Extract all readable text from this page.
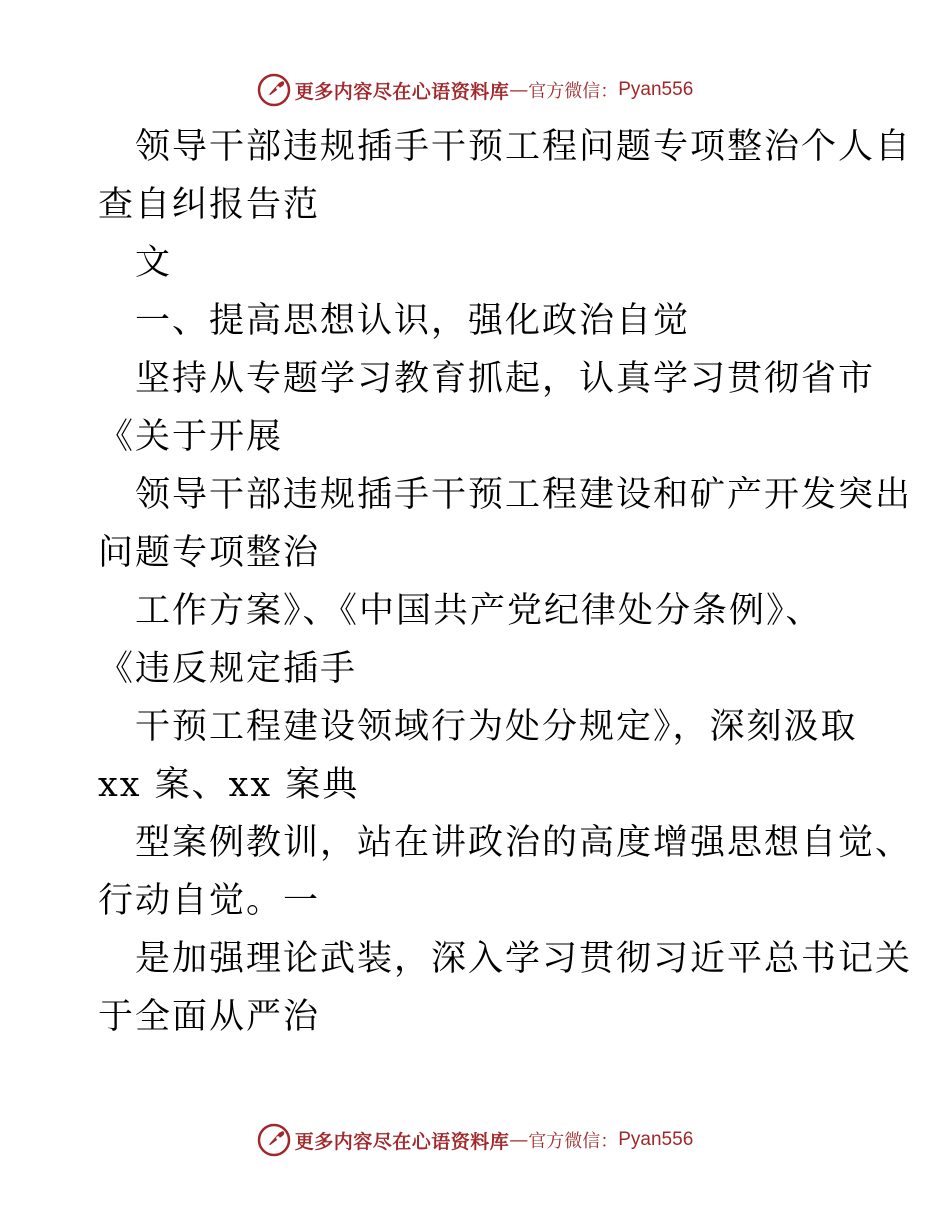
更多内容尽在心语资料库 — 官方微信： Pyan556
领导干部违规插手干预工程问题专项整治个人自
查自纠报告范
文
一、提高思想认识，强化政治自觉
坚持从专题学习教育抓起，认真学习贯彻省市
《关于开展
领导干部违规插手干预工程建设和矿产开发突出
问题专项整治
工作方案》、《中国共产党纪律处分条例》、
《违反规定插手
干预工程建设领域行为处分规定》，深刻汲取
xx 案、xx 案典
型案例教训，站在讲政治的高度增强思想自觉、
行动自觉。一
是加强理论武装，深入学习贯彻习近平总书记关
于全面从严治
更多内容尽在心语资料库 — 官方微信： Pyan556
